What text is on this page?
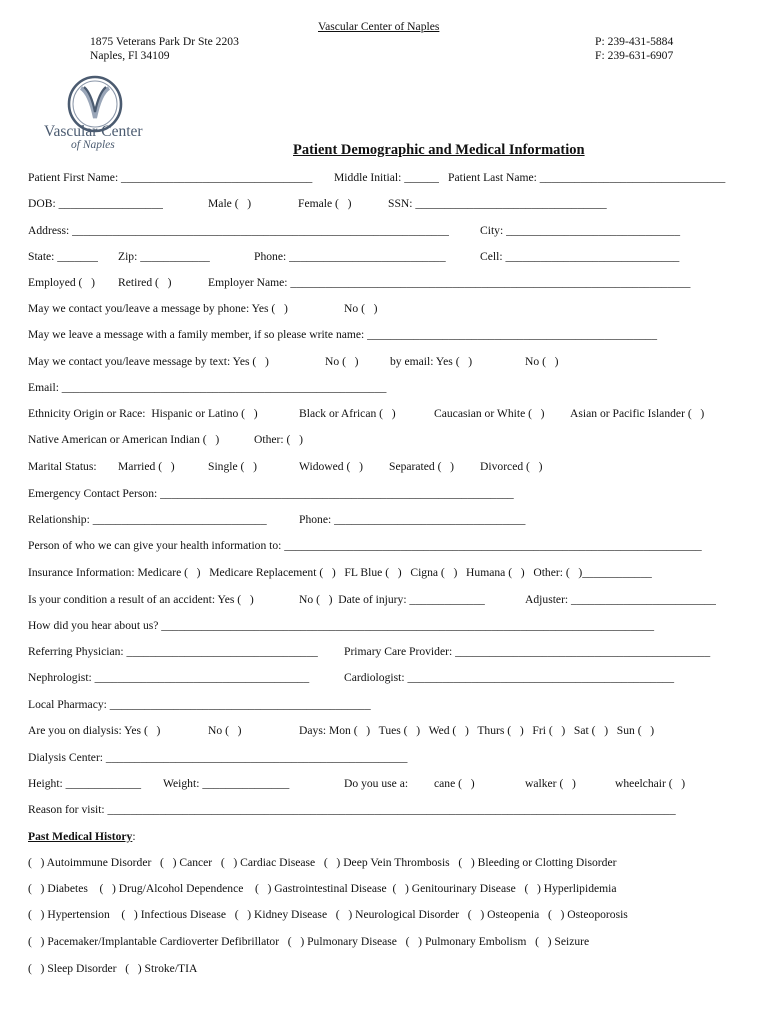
Vascular Center of Naples
1875 Veterans Park Dr Ste 2203
Naples, Fl 34109
P: 239-431-5884
F: 239-631-6907
Vascular Center
of Naples	Patient Demographic and Medical Information
Patient First Name: _________________________________ Middle Initial: ______ Patient Last Name: ________________________________
DOB: __________________	Male (   )	Female (   )	SSN: _________________________________
Address: _________________________________________________________________	City: ______________________________
State: _______ Zip: ____________	Phone: ___________________________	Cell: ______________________________
Employed (   ) Retired (   )	Employer Name: _____________________________________________________________________
May we contact you/leave a message by phone: Yes (   )	No (   )
May we leave a message with a family member, if so please write name: __________________________________________________
May we contact you/leave message by text: Yes (   )	No (   )	by email: Yes (   )	No (   )
Email: ________________________________________________________
Ethnicity Origin or Race:  Hispanic or Latino (   )	Black or African (   )	Caucasian or White (   ) Asian or Pacific Islander (   )
Native American or American Indian (   )	Other: (   )
Marital Status: Married (   )	Single (   )	Widowed (   ) Separated (   ) Divorced (   )
Emergency Contact Person: _____________________________________________________________
Relationship: ______________________________	Phone: _________________________________
Person of who we can give your health information to: ________________________________________________________________________
Insurance Information: Medicare (   )   Medicare Replacement (   )   FL Blue (   )   Cigna (   )   Humana (   )   Other: (   )____________
Is your condition a result of an accident: Yes (   )	No (   )  Date of injury: _____________	Adjuster: _________________________
How did you hear about us? _____________________________________________________________________________________
Referring Physician: _________________________________ Primary Care Provider: ____________________________________________
Nephrologist: _____________________________________	Cardiologist: ______________________________________________
Local Pharmacy: _____________________________________________
Are you on dialysis: Yes (   )	No (   )	Days: Mon (   )   Tues (   )   Wed (   )   Thurs (   )   Fri (   )   Sat (   )   Sun (   )
Dialysis Center: ____________________________________________________
Height: _____________ Weight: _______________	Do you use a: cane (   )	walker (   )	wheelchair (   )
Reason for visit: __________________________________________________________________________________________________
Past Medical History:
(   ) Autoimmune Disorder   (   ) Cancer   (   ) Cardiac Disease   (   ) Deep Vein Thrombosis   (   ) Bleeding or Clotting Disorder
(   ) Diabetes    (   ) Drug/Alcohol Dependence    (   ) Gastrointestinal Disease  (   ) Genitourinary Disease   (   ) Hyperlipidemia
(   ) Hypertension    (   ) Infectious Disease   (   ) Kidney Disease   (   ) Neurological Disorder   (   ) Osteopenia   (   ) Osteoporosis
(   ) Pacemaker/Implantable Cardioverter Defibrillator   (   ) Pulmonary Disease   (   ) Pulmonary Embolism   (   ) Seizure
(   ) Sleep Disorder   (   ) Stroke/TIA
